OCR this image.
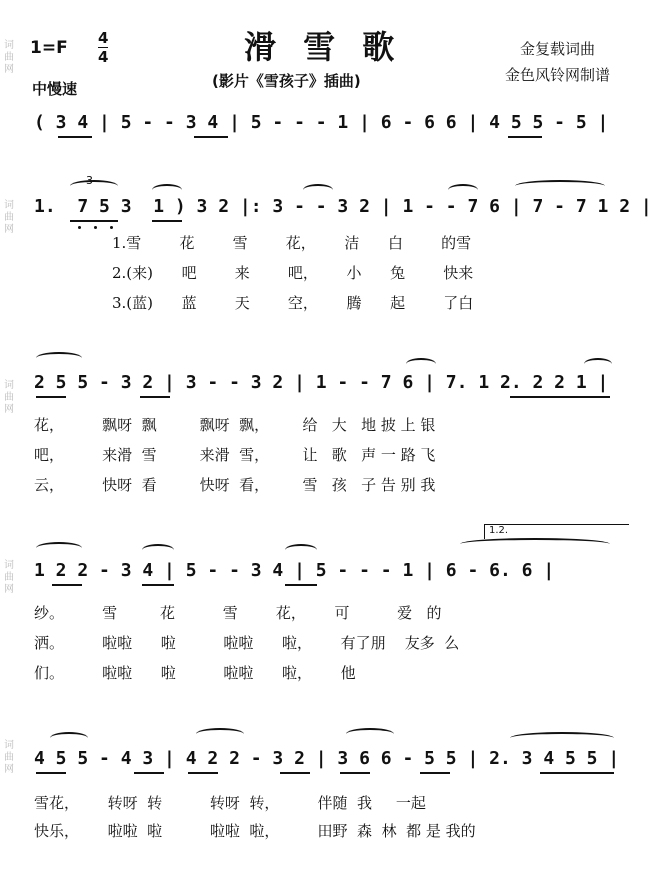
词
曲
网
词
曲
网
词
曲
网
词
曲
网
词
曲
网
1=F 4
4
中慢速
滑 雪 歌
(影片《雪孩子》插曲)
金复载词曲
金色风铃网制谱
( 3 4 | 5 - - 3 4 | 5 - - - 1 | 6 - 6 6 | 4 5 5 - 5 |
1.  7 5 3  1 ) 3 2 |: 3 - - 3 2 | 1 - - 7 6 | 7 - 7 1 2 |
3
1.雪        花        雪        花，      洁      白        的雪
2.(来)      吧        来        吧，      小      兔        快来
3.(蓝)      蓝        天        空，      腾      起        了白
2 5 5 - 3 2 | 3 - - 3 2 | 1 - - 7 6 | 7. 1 2. 2 2 1 |
花，        飘呀  飘         飘呀  飘，       给   大   地 披 上 银
吧，        来滑  雪         来滑  雪，       让   歌   声 一 路 飞
云，        快呀  看         快呀  看，       雪   孩   子 告 别 我
1.2.
1 2 2 - 3 4 | 5 - - 3 4 | 5 - - - 1 | 6 - 6. 6 |
纱。        雪         花          雪        花，      可          爱   的
洒。        啦啦      啦          啦啦      啦，      有了朋    友多  么
们。        啦啦      啦          啦啦      啦，      他
4 5 5 - 4 3 | 4 2 2 - 3 2 | 3 6 6 - 5 5 | 2. 3 4 5 5 |
雪花，      转呀  转          转呀  转，        伴随  我     一起
快乐，      啦啦  啦          啦啦  啦，        田野  森  林  都 是 我的
